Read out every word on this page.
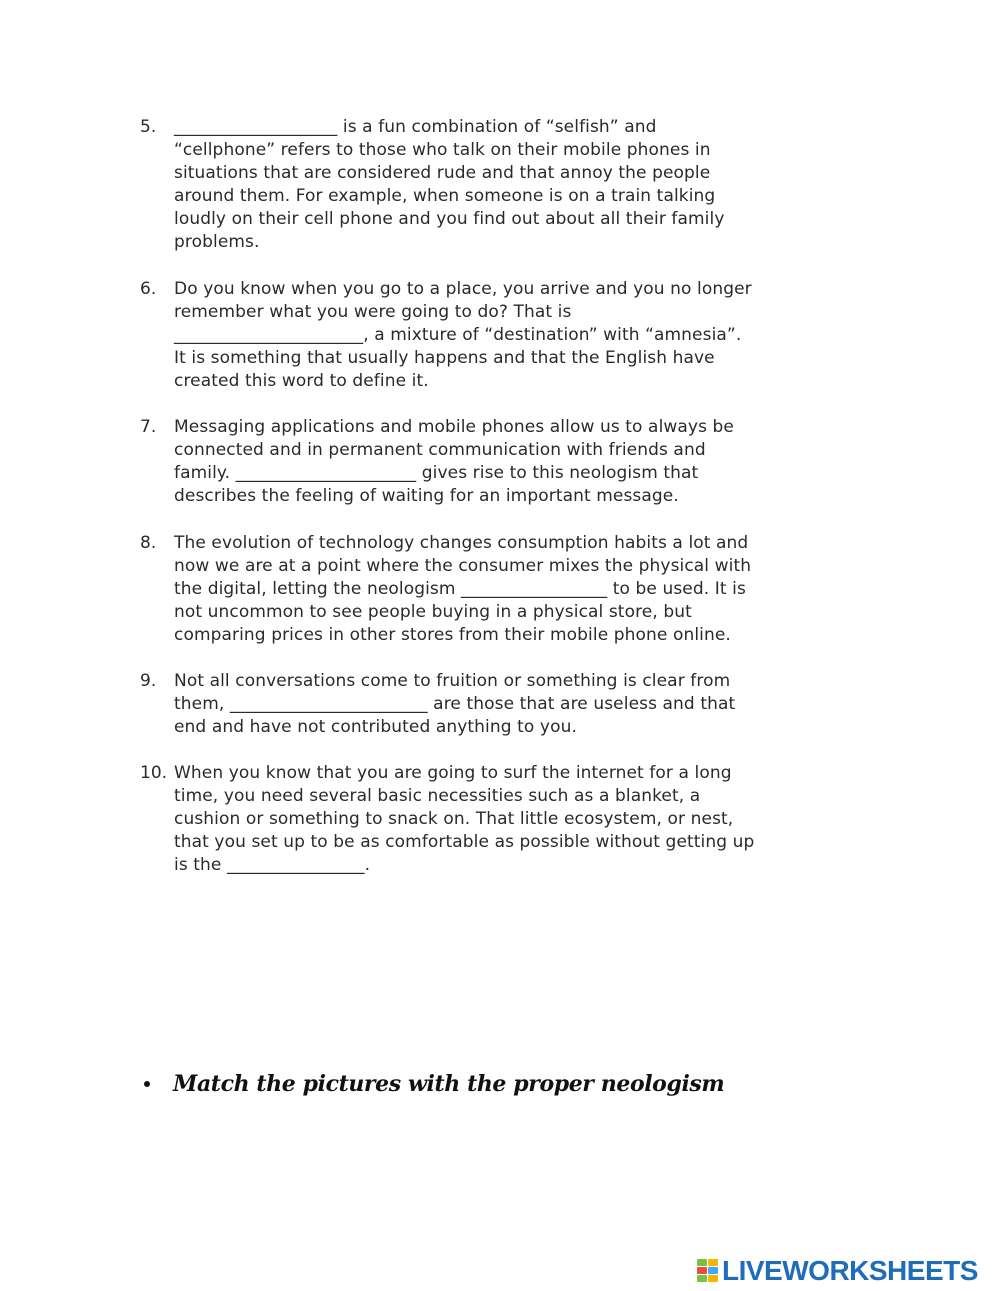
5.	___________________ is a fun combination of “selfish” and
“cellphone” refers to those who talk on their mobile phones in
situations that are considered rude and that annoy the people
around them. For example, when someone is on a train talking
loudly on their cell phone and you find out about all their family
problems.
6.	Do you know when you go to a place, you arrive and you no longer
remember what you were going to do? That is
______________________, a mixture of “destination” with “amnesia”.
It is something that usually happens and that the English have
created this word to define it.
7.	Messaging applications and mobile phones allow us to always be
connected and in permanent communication with friends and
family. _____________________ gives rise to this neologism that
describes the feeling of waiting for an important message.
8.	The evolution of technology changes consumption habits a lot and
now we are at a point where the consumer mixes the physical with
the digital, letting the neologism _________________ to be used. It is
not uncommon to see people buying in a physical store, but
comparing prices in other stores from their mobile phone online.
9.	Not all conversations come to fruition or something is clear from
them, _______________________ are those that are useless and that
end and have not contributed anything to you.
10. When you know that you are going to surf the internet for a long
time, you need several basic necessities such as a blanket, a
cushion or something to snack on. That little ecosystem, or nest,
that you set up to be as comfortable as possible without getting up
is the ________________.
Match the pictures with the proper neologism
LIVEWORKSHEETS
